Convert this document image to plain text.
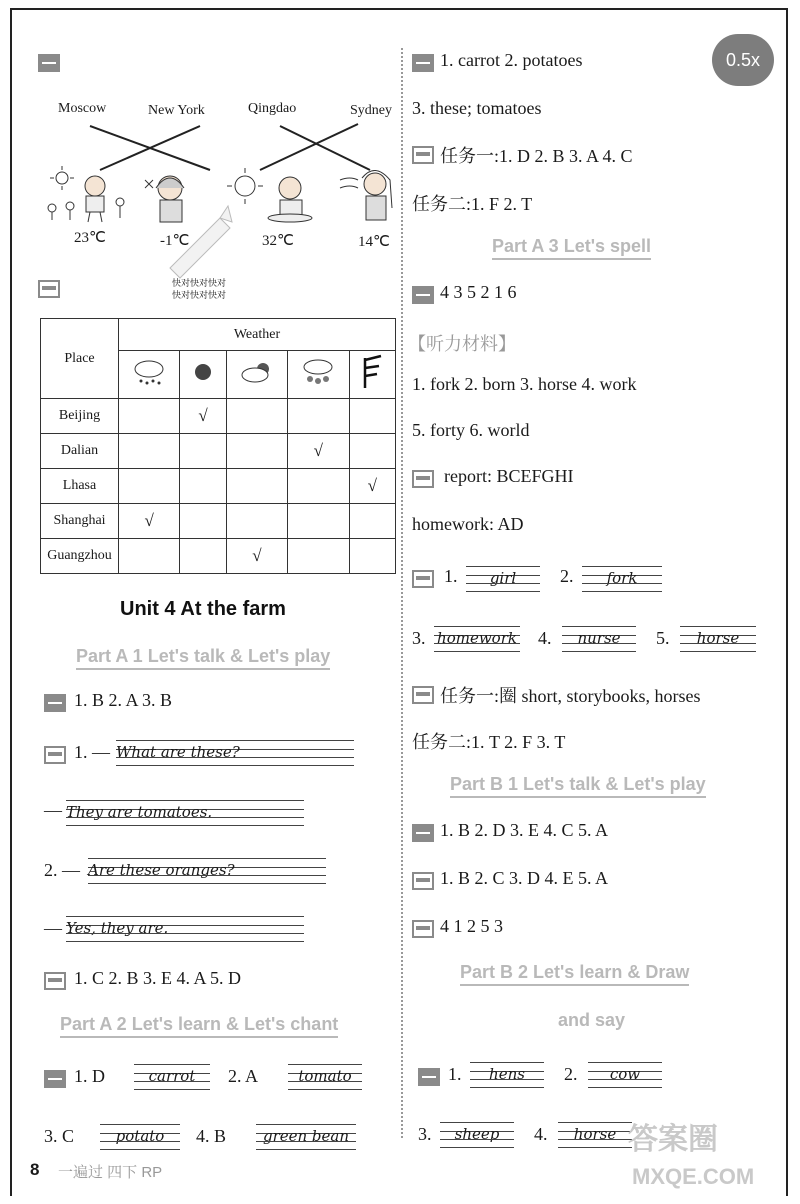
0.5x
Moscow	New York	Qingdao	Sydney
23℃	-1℃	32℃	14℃
快对快对快对
快对快对快对
Place	Weather				

Beijing		√			
Dalian				√	
Lhasa					√
Shanghai	√				
Guangzhou			√		
Unit 4 At the farm
Part A 1 Let's talk & Let's play
1. B 2. A 3. B
1. — What are these?
— They are tomatoes.
2. — Are these oranges?
— Yes, they are.
1. C 2. B 3. E 4. A 5. D
Part A 2 Let's learn & Let's chant
1. D	carrot	2. A	tomato
3. C	potato	4. B	green bean
8 一遍过 四下 RP
1. carrot 2. potatoes
3. these; tomatoes
任务一:1. D 2. B 3. A 4. C
任务二:1. F 2. T
Part A 3 Let's spell
4 3 5 2 1 6
【听力材料】
1. fork 2. born 3. horse 4. work
5. forty 6. world
report: BCEFGHI
homework: AD
1.	girl	2.	fork
3. homework 4.	nurse	5.	horse
任务一:圈 short, storybooks, horses
任务二:1. T 2. F 3. T
Part B 1 Let's talk & Let's play
1. B 2. D 3. E 4. C 5. A
1. B 2. C 3. D 4. E 5. A
4 1 2 5 3
Part B 2 Let's learn & Draw
and say
1.	hens	2.	cow
3.	sheep	4.	horse 答案圈
MXQE.COM
